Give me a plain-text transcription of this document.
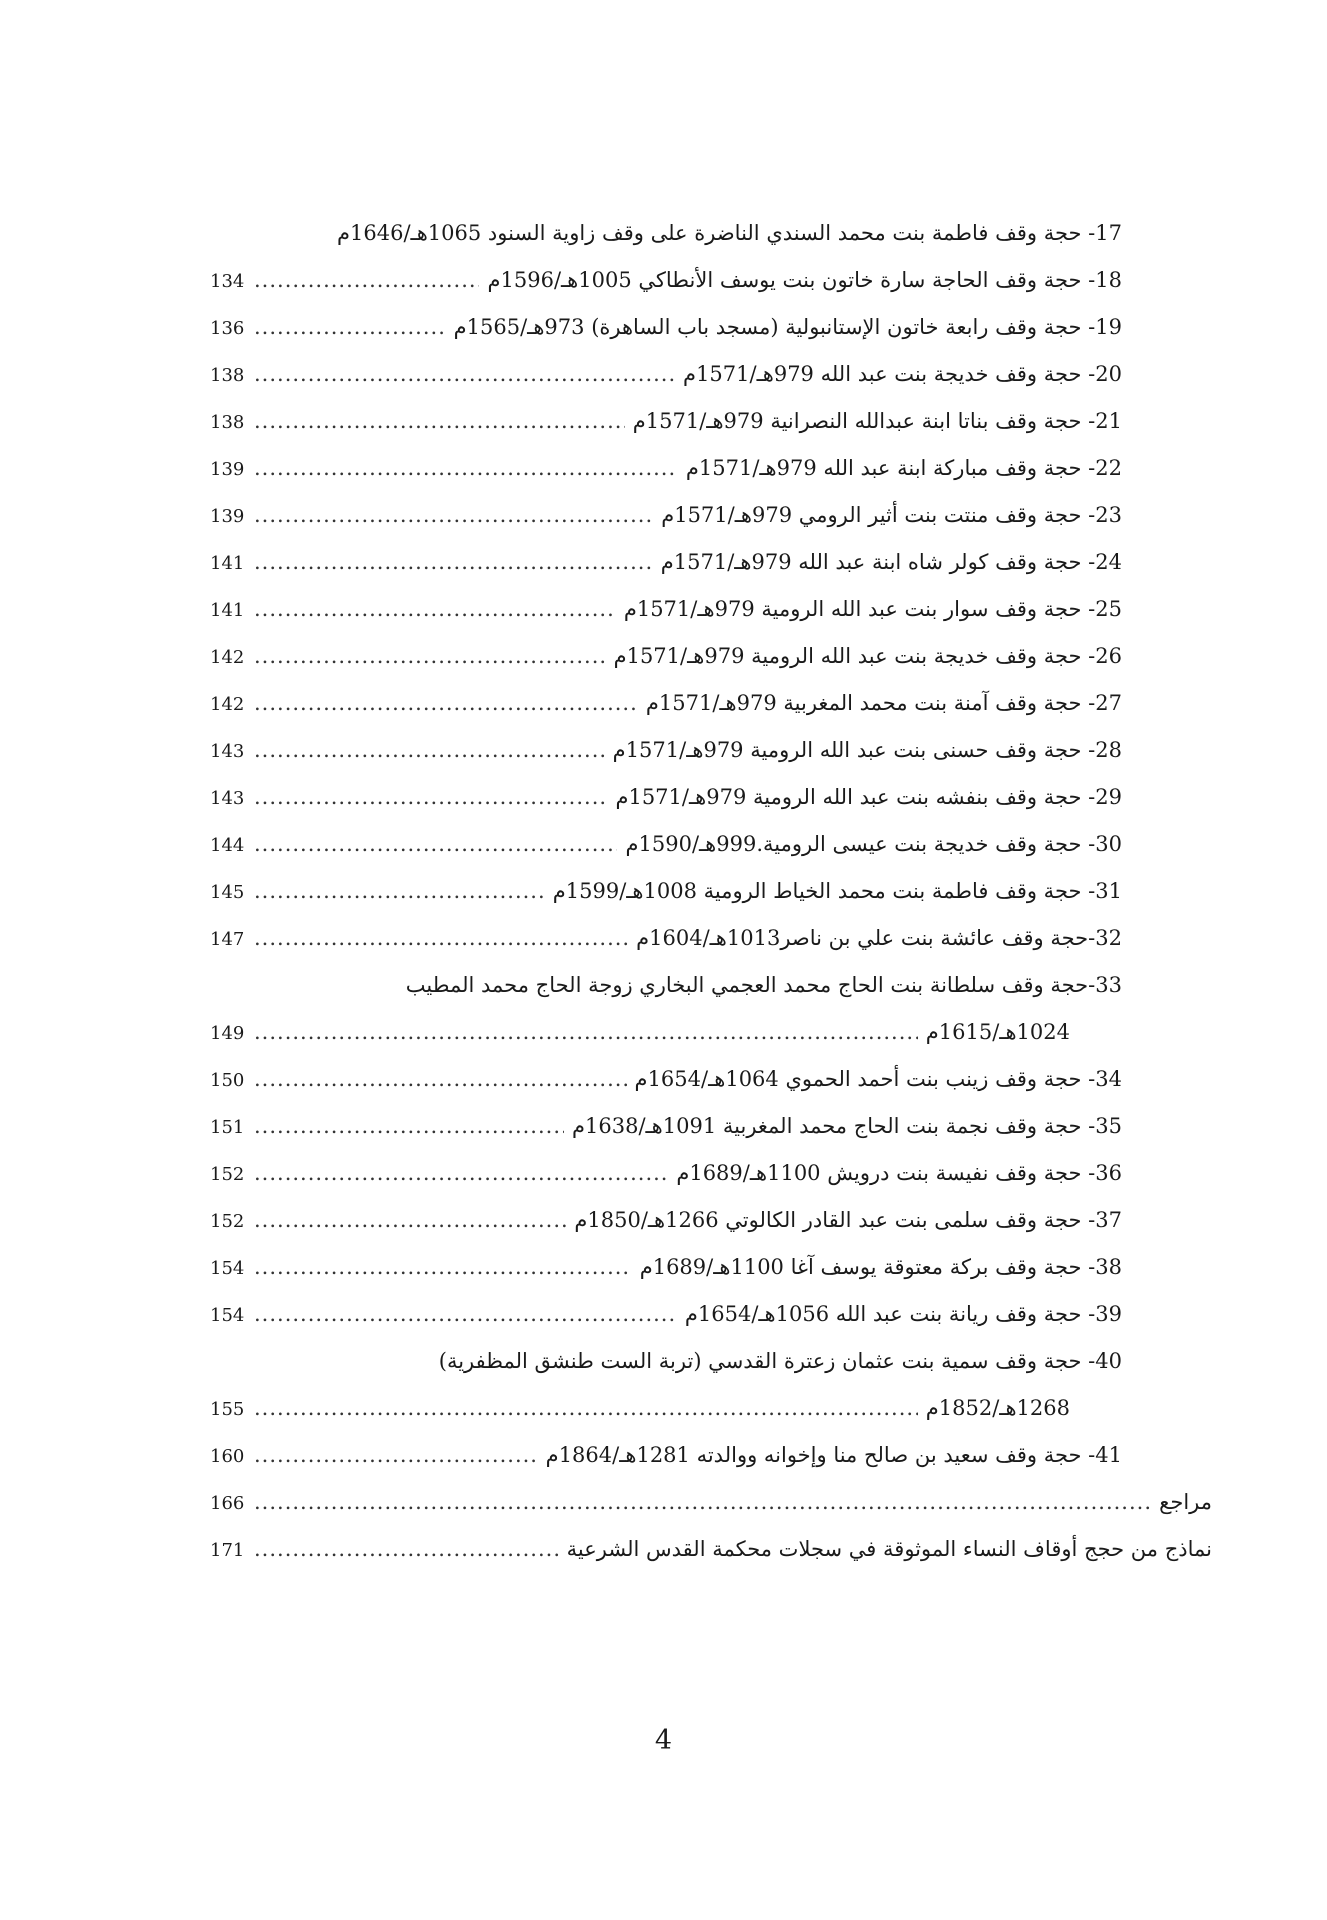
17- حجة وقف فاطمة بنت محمد السندي الناضرة على وقف زاوية السنود 1065هـ/1646م
18- حجة وقف الحاجة سارة خاتون بنت يوسف الأنطاكي 1005هـ/1596م
.....
134
19- حجة وقف رابعة خاتون الإستانبولية (مسجد باب الساهرة) 973هـ/1565م
.....
136
20- حجة وقف خديجة بنت عبد الله 979هـ/1571م
.....
138
21- حجة وقف بناتا ابنة عبدالله النصرانية 979هـ/1571م
.....
138
22- حجة وقف مباركة ابنة عبد الله 979هـ/1571م
.....
139
23- حجة وقف منتت بنت أثير الرومي 979هـ/1571م
.....
139
24- حجة وقف كولر شاه ابنة عبد الله 979هـ/1571م
.....
141
25- حجة وقف سوار بنت عبد الله الرومية 979هـ/1571م
.....
141
26- حجة وقف خديجة بنت عبد الله الرومية 979هـ/1571م
.....
142
27- حجة وقف آمنة بنت محمد المغربية 979هـ/1571م
.....
142
28- حجة وقف حسنى بنت عبد الله الرومية 979هـ/1571م
.....
143
29- حجة وقف بنفشه بنت عبد الله الرومية 979هـ/1571م
.....
143
30- حجة وقف خديجة بنت عيسى الرومية.999هـ/1590م
.....
144
31- حجة وقف فاطمة بنت محمد الخياط الرومية 1008هـ/1599م
.....
145
32-حجة وقف عائشة بنت علي بن ناصر1013هـ/1604م
.....
147
33-حجة وقف سلطانة بنت الحاج محمد العجمي البخاري زوجة الحاج محمد المطيب
1024هـ/1615م
.....
149
34- حجة وقف زينب بنت أحمد الحموي 1064هـ/1654م
.....
150
35- حجة وقف نجمة بنت الحاج محمد المغربية 1091هـ/1638م
.....
151
36- حجة وقف نفيسة بنت درويش 1100هـ/1689م
.....
152
37- حجة وقف سلمى بنت عبد القادر الكالوتي 1266هـ/1850م
.....
152
38- حجة وقف بركة معتوقة يوسف آغا 1100هـ/1689م
.....
154
39- حجة وقف ريانة بنت عبد الله 1056هـ/1654م
.....
154
40- حجة وقف سمية بنت عثمان زعترة القدسي (تربة الست طنشق المظفرية)
1268هـ/1852م
.....
155
41- حجة وقف سعيد بن صالح منا وإخوانه ووالدته 1281هـ/1864م
.....
160
مراجع
.....
166
نماذج من حجج أوقاف النساء الموثوقة في سجلات محكمة القدس الشرعية
.....
171
4
